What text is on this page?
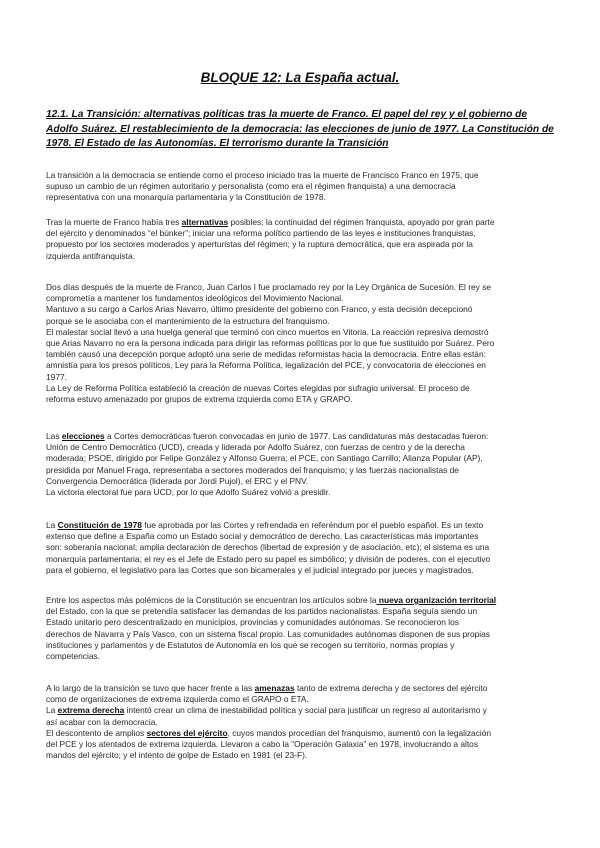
BLOQUE 12: La España actual.
12.1. La Transición: alternativas políticas tras la muerte de Franco. El papel del rey y el gobierno de Adolfo Suárez. El restablecimiento de la democracia: las elecciones de junio de 1977. La Constitución de 1978. El Estado de las Autonomías. El terrorismo durante la Transición
La transición a la democracia se entiende como el proceso iniciado tras la muerte de Francisco Franco en 1975, que
supuso un cambio de un régimen autoritario y personalista (como era el régimen franquista) a una democracia
representativa con una monarquía parlamentaria y la Constitución de 1978.
Tras la muerte de Franco había tres alternativas posibles: la continuidad del régimen franquista, apoyado por gran parte
del ejército y denominados “el búnker”; iniciar una reforma político partiendo de las leyes e instituciones franquistas,
propuesto por los sectores moderados y aperturistas del régimen; y la ruptura democrática, que era aspirada por la
izquierda antifranquista.
Dos días después de la muerte de Franco, Juan Carlos I fue proclamado rey por la Ley Orgánica de Sucesión. El rey se
comprometía a mantener los fundamentos ideológicos del Movimiento Nacional.
Mantuvo a su cargo a Carlos Arias Navarro, último presidente del gobierno con Franco, y esta decisión decepcionó
porque se le asociaba con el mantenimiento de la estructura del franquismo.
El malestar social llevó a una huelga general que terminó con cinco muertos en Vitoria. La reacción represiva demostró
que Arias Navarro no era la persona indicada para dirigir las reformas políticas por lo que fue sustituido por Suárez. Pero
también causó una decepción porque adoptó una serie de medidas reformistas hacia la democracia. Entre ellas están:
amnistía para los presos políticos, Ley para la Reforma Política, legalización del PCE, y convocatoria de elecciones en
1977.
La Ley de Reforma Política estableció la creación de nuevas Cortes elegidas por sufragio universal. El proceso de
reforma estuvo amenazado por grupos de extrema izquierda como ETA y GRAPO.
Las elecciones a Cortes democráticas fueron convocadas en junio de 1977. Las candidaturas más destacadas fueron:
Unión de Centro Democrático (UCD), creada y liderada por Adolfo Suárez, con fuerzas de centro y de la derecha
moderada; PSOE, dirigido por Felipe González y Alfonso Guerra; el PCE, con Santiago Carrillo; Alianza Popular (AP),
presidida por Manuel Fraga, representaba a sectores moderados del franquismo; y las fuerzas nacionalistas de
Convergencia Democrática (liderada por Jordi Pujol), el ERC y el PNV.
La victoria electoral fue para UCD, por lo que Adolfo Suárez volvió a presidir.
La Constitución de 1978 fue aprobada por las Cortes y refrendada en referéndum por el pueblo español. Es un texto
extenso que define a España como un Estado social y democrático de derecho. Las características más importantes
son: soberanía nacional; amplia declaración de derechos (libertad de expresión y de asociación, etc); el sistema es una
monarquía parlamentaria; el rey es el Jefe de Estado pero su papel es simbólico; y división de poderes, con el ejecutivo
para el gobierno, el legislativo para las Cortes que son bicamerales y el judicial integrado por jueces y magistrados.
Entre los aspectos más polémicos de la Constitución se encuentran los artículos sobre la nueva organización territorial
del Estado, con la que se pretendía satisfacer las demandas de los partidos nacionalistas. España seguía siendo un
Estado unitario pero descentralizado en municipios, provincias y comunidades autónomas. Se reconocieron los
derechos de Navarra y País Vasco, con un sistema fiscal propio. Las comunidades autónomas disponen de sus propias
instituciones y parlamentos y de Estatutos de Autonomía en los que se recogen su territorio, normas propias y
competencias.
A lo largo de la transición se tuvo que hacer frente a las amenazas tanto de extrema derecha y de sectores del ejército
como de organizaciones de extrema izquierda como el GRAPO o ETA.
La extrema derecha intentó crear un clima de inestabilidad política y social para justificar un regreso al autoritarismo y
así acabar con la democracia.
El descontento de amplios sectores del ejército, cuyos mandos procedían del franquismo, aumentó con la legalización
del PCE y los atentados de extrema izquierda. Llevaron a cabo la “Operación Galaxia” en 1978, involucrando a altos
mandos del ejército; y el intento de golpe de Estado en 1981 (el 23-F).
